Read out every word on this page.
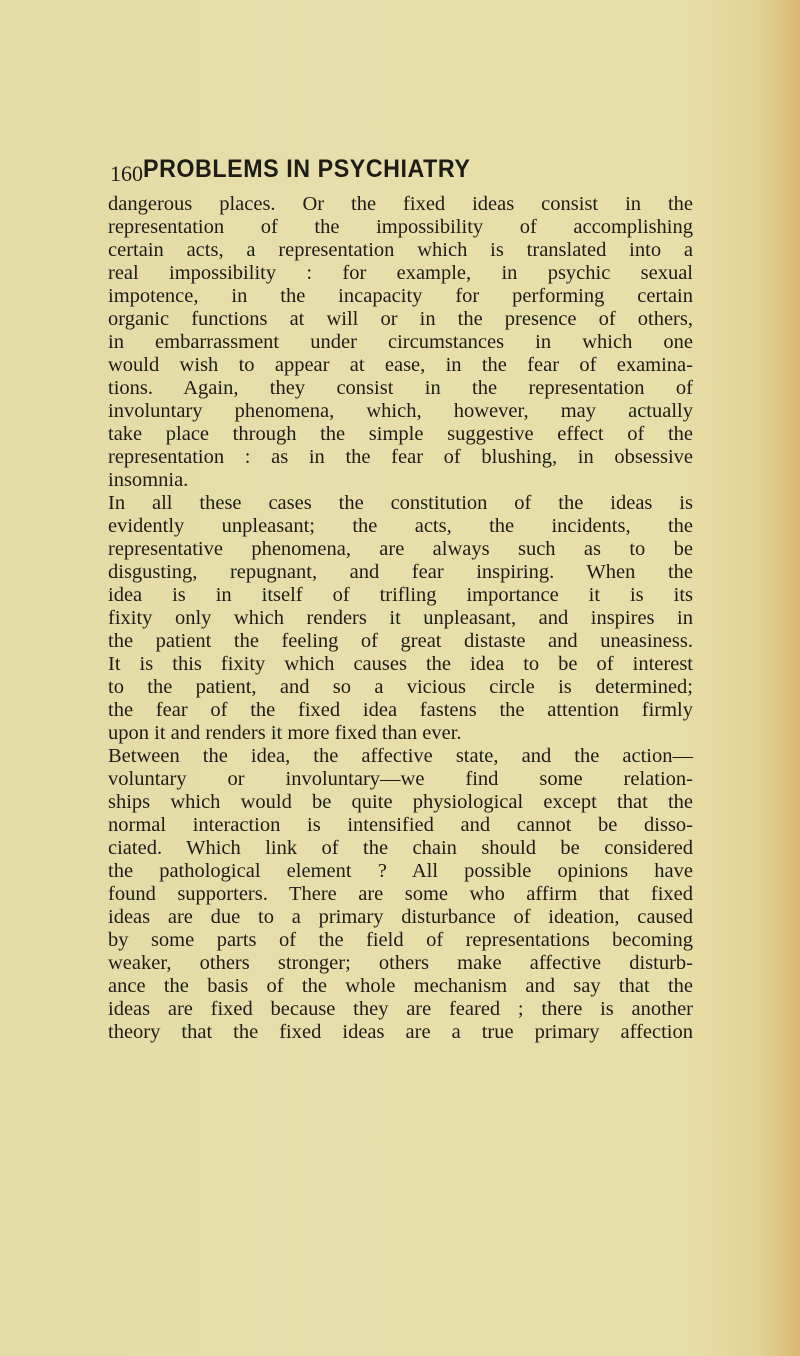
160 PROBLEMS IN PSYCHIATRY
dangerous places. Or the fixed ideas consist in the
representation of the impossibility of accomplishing
certain acts, a representation which is translated into a
real impossibility : for example, in psychic sexual
impotence, in the incapacity for performing certain
organic functions at will or in the presence of others,
in embarrassment under circumstances in which one
would wish to appear at ease, in the fear of examina-
tions. Again, they consist in the representation of
involuntary phenomena, which, however, may actually
take place through the simple suggestive effect of the
representation : as in the fear of blushing, in obsessive
insomnia.
In all these cases the constitution of the ideas is
evidently unpleasant; the acts, the incidents, the
representative phenomena, are always such as to be
disgusting, repugnant, and fear inspiring. When the
idea is in itself of trifling importance it is its
fixity only which renders it unpleasant, and inspires in
the patient the feeling of great distaste and uneasiness.
It is this fixity which causes the idea to be of interest
to the patient, and so a vicious circle is determined;
the fear of the fixed idea fastens the attention firmly
upon it and renders it more fixed than ever.
Between the idea, the affective state, and the action—
voluntary or involuntary—we find some relation-
ships which would be quite physiological except that the
normal interaction is intensified and cannot be disso-
ciated. Which link of the chain should be considered
the pathological element ? All possible opinions have
found supporters. There are some who affirm that fixed
ideas are due to a primary disturbance of ideation, caused
by some parts of the field of representations becoming
weaker, others stronger; others make affective disturb-
ance the basis of the whole mechanism and say that the
ideas are fixed because they are feared ; there is another
theory that the fixed ideas are a true primary affection
